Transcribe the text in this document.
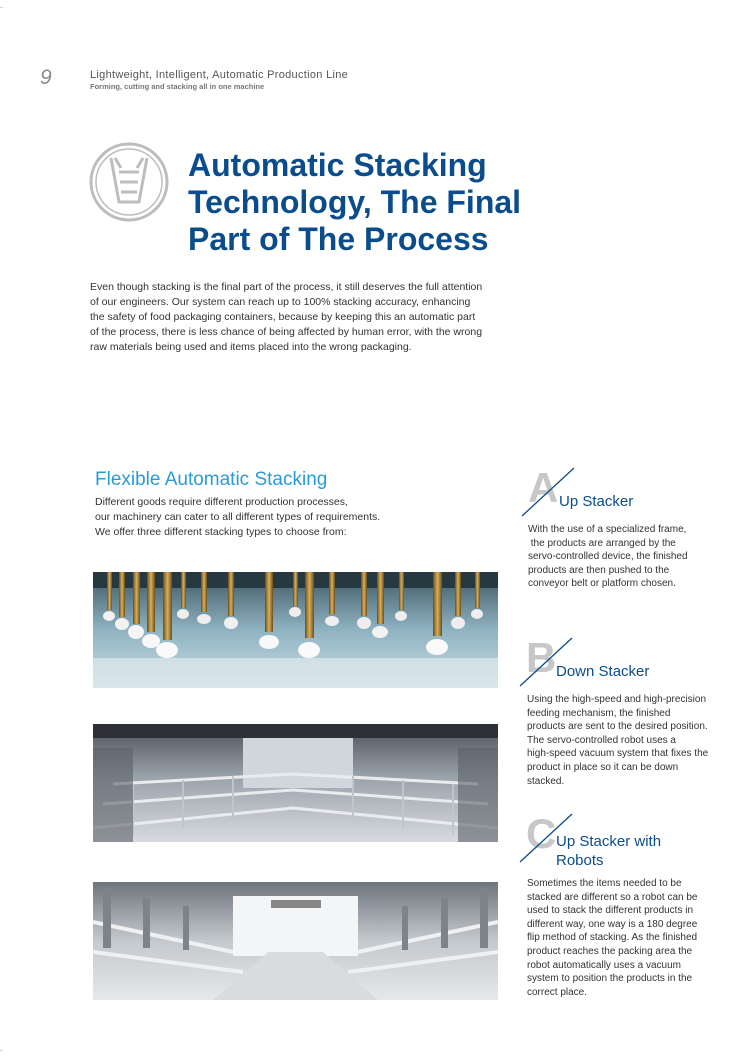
-
-
9	Lightweight, Intelligent, Automatic Production Line
Forming, cutting and stacking all in one machine
Automatic Stacking
Technology, The Final
Part of The Process
Even though stacking is the final part of the process, it still deserves the full attention
of our engineers. Our system can reach up to 100% stacking accuracy, enhancing
the safety of food packaging containers, because by keeping this an automatic part
of the process, there is less chance of being affected by human error, with the wrong
raw materials being used and items placed into the wrong packaging.
Flexible Automatic Stacking
Different goods require different production processes,
our machinery can cater to all different types of requirements.
We offer three different stacking types to choose from:
A Up Stacker
With the use of a specialized frame,
the products are arranged by the
servo-controlled device, the finished
products are then pushed to the
conveyor belt or platform chosen.
B Down Stacker
Using the high-speed and high-precision
feeding mechanism, the finished
products are sent to the desired position.
The servo-controlled robot uses a
high-speed vacuum system that fixes the
product in place so it can be down
stacked.
C Up Stacker with
Robots
Sometimes the items needed to be
stacked are different so a robot can be
used to stack the different products in
different way, one way is a 180 degree
flip method of stacking. As the finished
product reaches the packing area the
robot automatically uses a vacuum
system to position the products in the
correct place.
